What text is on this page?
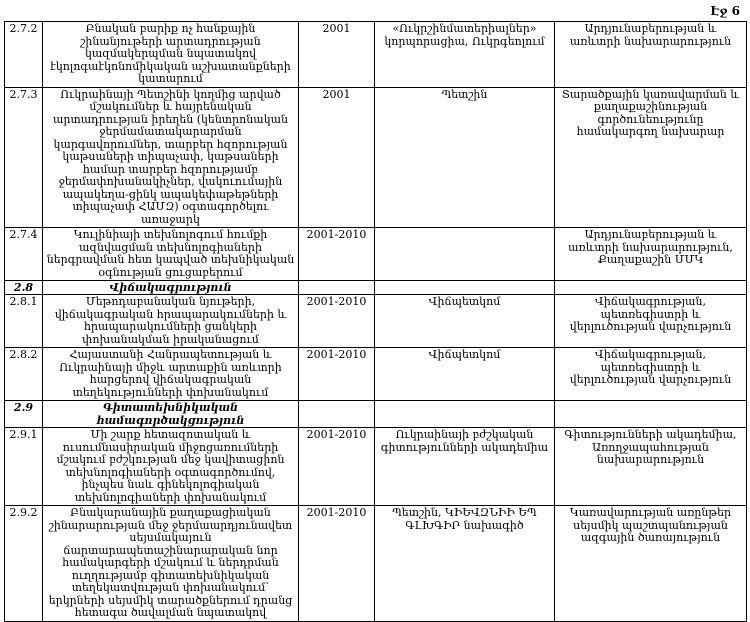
Էջ 6
2.7.2	Բնական բարիք ոչ հանքային շինանյութերի արտադրության կազմակերպման նպատակով էկոլոգաէկոնոմիկական աշխատանքների կատարում	2001	«Ուկրշինմատերիալներ» կորպորացիա, Ուկրգեոլում	Արդյունաբերության և առևտրի նախարարություն
2.7.3	Ուկրաինայի Պետշինի կողմից արված մշակումներ և հայրենական արտադրության իրեղեն (կենտրոնական ջերմամատակարարման կարգավորումներ, տարբեր հզորության կաթսաների տիպաչափ, կաթսաների համար տարբեր հզորությամբ ջերմափոխանակիչներ, վակուումային ապակեղա-ցինկ ապակեփաթեթների տիպաչափ ՀԱՄԶ) օգտագործելու առաջարկ	2001	Պետշին	Տարածքային կառավարման և քաղաքաշինության գործունեությունը համակարգող նախարար
2.7.4	Կուլինիայի տեխնոլոգում հումքի ազնվացման տեխնոլոգիաների ներգրավման հետ կապված տեխնիկական օգնության ցուցաբերում	2001-2010		Արդյունաբերության և առևտրի նախարարություն, Քաղաքաշին ՄՄԿ
2.8	Վիճակագրություն			
2.8.1	Մեթոդաբանական նյութերի, վիճակագրական հրապարակումների և հրապարակումների ցանկերի փոխանակման իրականացում	2001-2010	Վիճպետկոմ	Վիճակագրության, պետռեգիստրի և վերլուծության վարչություն
2.8.2	Հայաստանի Հանրապետության և Ուկրաինայի միջև արտաքին առևտրի հարցերով վիճակագրական տեղեկությունների փոխանակում	2001-2010	Վիճպետկոմ	Վիճակագրության, պետռեգիստրի և վերլուծության վարչություն
2.9	Գիտատեխնիկական համագործակցություն			
2.9.1	Մի շարք հետազոտական և ուսումնասիրական միջոցառումների մշակում բժշկության մեջ կավիտացիոն տեխնոլոգիաների օգտագործումով, ինչպես նաև գինեկոլոգիական տեխնոլոգիաների փոխանակում	2001-2010	Ուկրաինայի բժշկական գիտությունների ակադեմիա	Գիտությունների ակադեմիա, Առողջապահության նախարարություն
2.9.2	Բնակարանային քաղաքացիական շինարարության մեջ ջերմաարդյունավետ սեյսմակայուն ճարտարապետաշինարարական նոր համակարգերի մշակում և ներդրման ուղղությամբ գիտատեխնիկական տեղեկատվության փոխանակում՝ երկրների սեյսմիկ տարածքներում դրանց հետագա ծավալման նպատակով	2001-2010	Պետշին, ԿԻԵՎԶՆԻԻ ԵՊ ԳԼԽԳԻՐ նախագիծ	Կառավարության առընթեր սեյսմիկ պաշտպանության ազգային ծառայություն
